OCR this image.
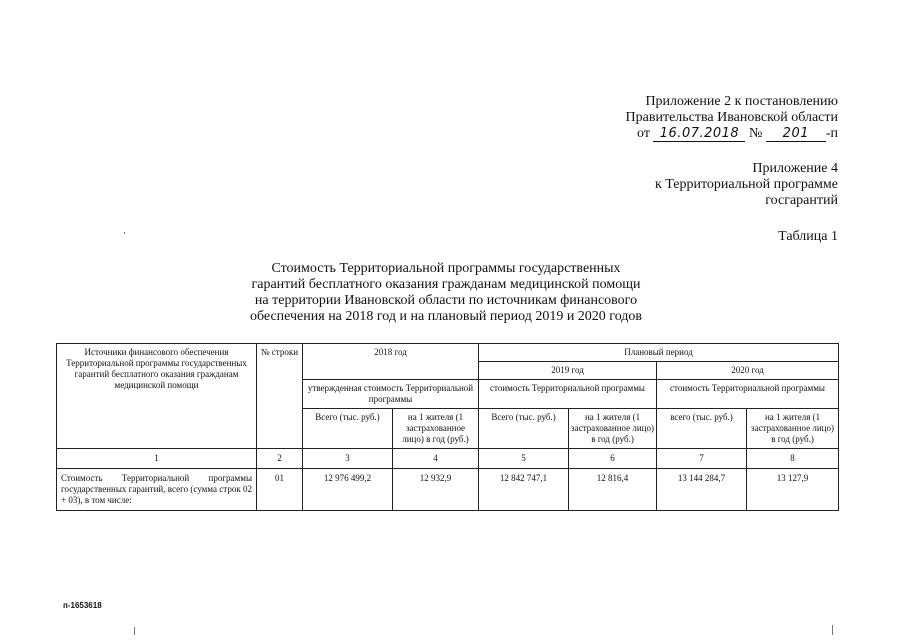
Приложение 2 к постановлению
Правительства Ивановской области
от 16.07.2018 № 201 -п
Приложение 4
к Территориальной программе
госгарантий
Таблица 1
Стоимость Территориальной программы государственных
гарантий бесплатного оказания гражданам медицинской помощи
на территории Ивановской области по источникам финансового
обеспечения на 2018 год и на плановый период 2019 и 2020 годов
Источники финансового обеспечения Территориальной программы государственных гарантий бесплатного оказания гражданам медицинской помощи	№ строки	2018 год		Плановый период			
				2019 год		2020 год	
		утвержденная стоимость Территориальной программы		стоимость Территориальной программы		стоимость Территориальной программы	
		Всего (тыс. руб.)	на 1 жителя (1 застрахованное лицо) в год (руб.)	Всего (тыс. руб.)	на 1 жителя (1 застрахованное лицо) в год (руб.)	всего (тыс. руб.)	на 1 жителя (1 застрахованное лицо) в год (руб.)
1	2	3	4	5	6	7	8
Стоимость Территориальной программы государственных гарантий, всего (сумма строк 02 + 03), в том числе:	01	12 976 499,2	12 932,9	12 842 747,1	12 816,4	13 144 284,7	13 127,9
п-1653618
